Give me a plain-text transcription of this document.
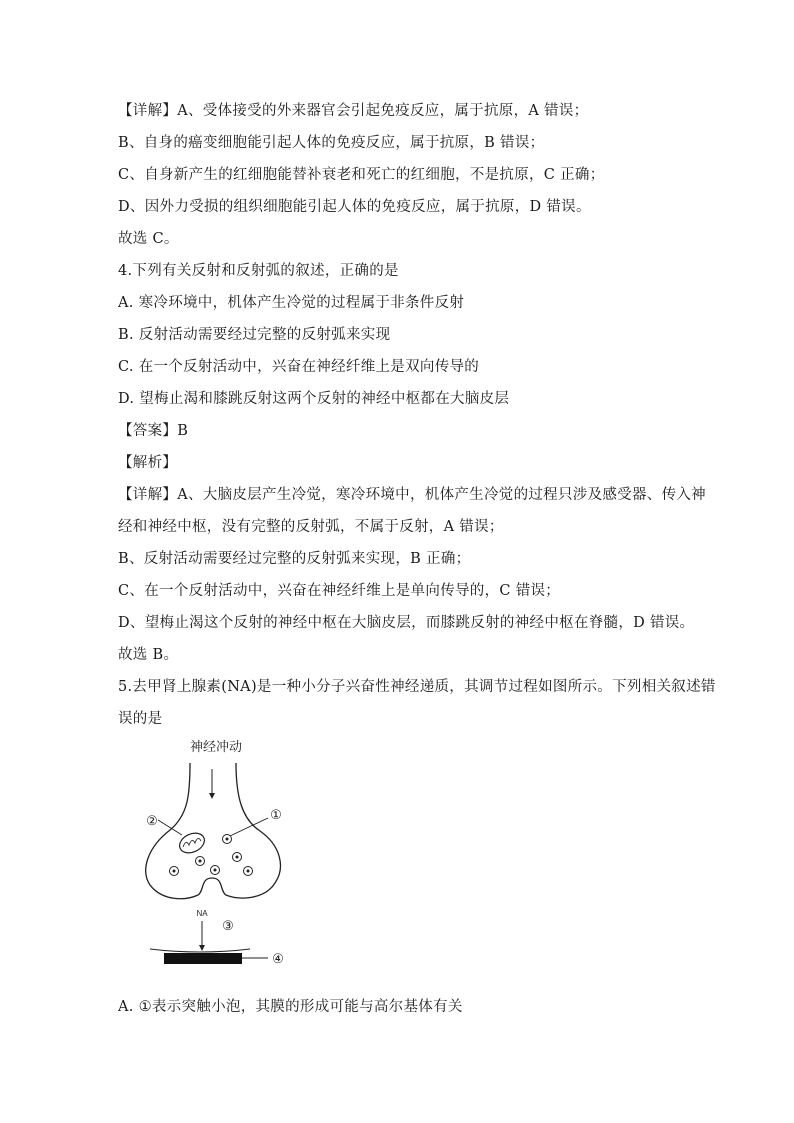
【详解】A、受体接受的外来器官会引起免疫反应，属于抗原，A 错误；
B、自身的癌变细胞能引起人体的免疫反应，属于抗原，B 错误；
C、自身新产生的红细胞能替补衰老和死亡的红细胞，不是抗原，C 正确；
D、因外力受损的组织细胞能引起人体的免疫反应，属于抗原，D 错误。
故选 C。
4.下列有关反射和反射弧的叙述，正确的是
A. 寒冷环境中，机体产生冷觉的过程属于非条件反射
B. 反射活动需要经过完整的反射弧来实现
C. 在一个反射活动中，兴奋在神经纤维上是双向传导的
D. 望梅止渴和膝跳反射这两个反射的神经中枢都在大脑皮层
【答案】B
【解析】
【详解】A、大脑皮层产生冷觉，寒冷环境中，机体产生冷觉的过程只涉及感受器、传入神
经和神经中枢，没有完整的反射弧，不属于反射，A 错误；
B、反射活动需要经过完整的反射弧来实现，B 正确；
C、在一个反射活动中，兴奋在神经纤维上是单向传导的，C 错误；
D、望梅止渴这个反射的神经中枢在大脑皮层，而膝跳反射的神经中枢在脊髓，D 错误。
故选 B。
5.去甲肾上腺素(NA)是一种小分子兴奋性神经递质，其调节过程如图所示。下列相关叙述错
误的是
神经冲动
②	①
NA
③
④
A. ①表示突触小泡，其膜的形成可能与高尔基体有关
